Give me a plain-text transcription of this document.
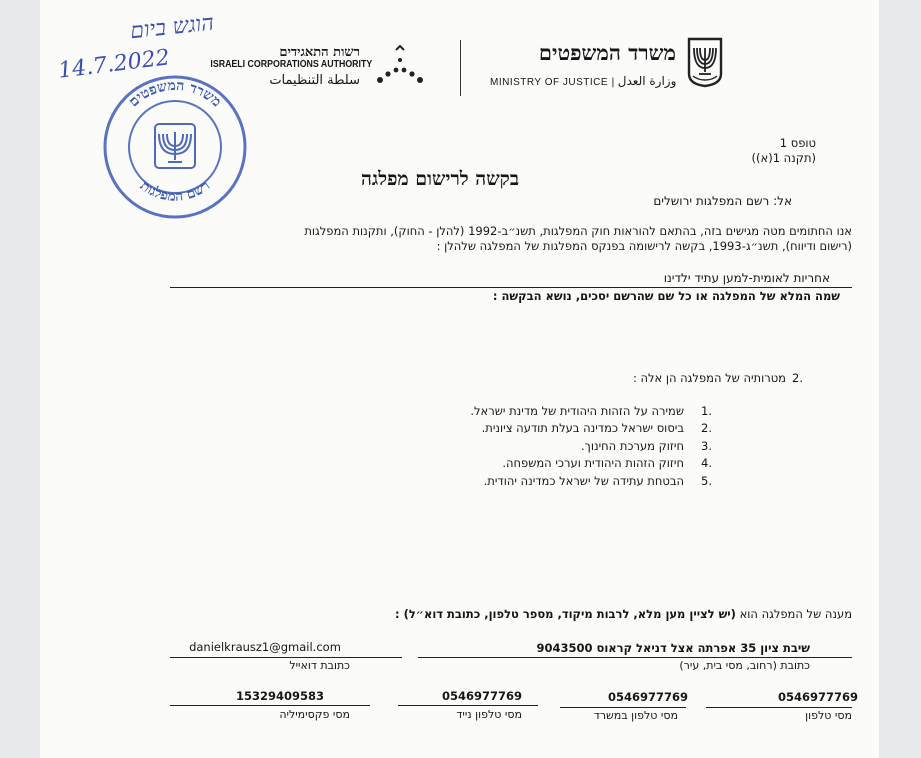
הוגש ביום
14.7.2022
משרד המשפטים
רשם המפלגות
רשות התאגידים
ISRAELI CORPORATIONS AUTHORITY
سلطة التنظيمات
משרד המשפטים
MINISTRY OF JUSTICE | وزارة العدل
טופס 1
(תקנה 1(א))
בקשה לרישום מפלגה
אל: רשם המפלגות ירושלים
אנו החתומים מטה מגישים בזה, בהתאם להוראות חוק המפלגות, תשנ״ב-1992 (להלן - החוק), ותקנות המפלגות
(רישום ודיווח), תשנ״ג-1993, בקשה לרישומה בפנקס המפלגות של המפלגה שלהלן :
אחריות לאומית-למען עתיד ילדינו
שמה המלא של המפלגה או כל שם שהרשם יסכים, נושא הבקשה :
2.
מטרותיה של המפלגה הן אלה :
1.
שמירה על הזהות היהודית של מדינת ישראל.
2.
ביסוס ישראל כמדינה בעלת תודעה ציונית.
3.
חיזוק מערכת החינוך.
4.
חיזוק הזהות היהודית וערכי המשפחה.
5.
הבטחת עתידה של ישראל כמדינה יהודית.
מענה של המפלגה הוא (יש לציין מען מלא, לרבות מיקוד, מספר טלפון, כתובת דוא״ל) :
שיבת ציון 35 אפרתה אצל דניאל קראוס 9043500
כתובת (רחוב, מסי בית, עיר)
danielkrausz1@gmail.com
כתובת דואייל
0546977769
מסי טלפון
0546977769
מסי טלפון במשרד
0546977769
מסי טלפון נייד
15329409583
מסי פקסימיליה
